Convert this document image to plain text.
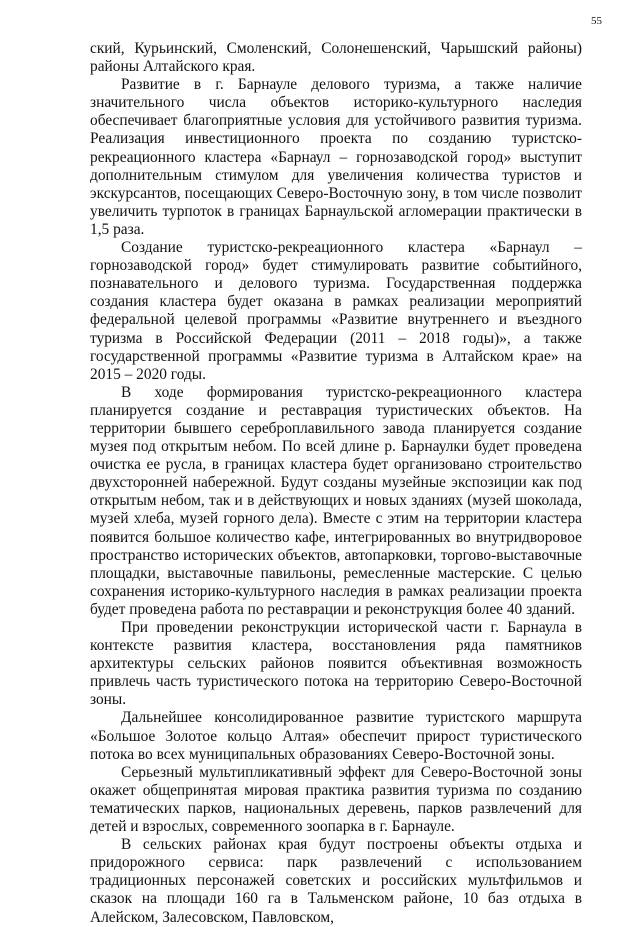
55

ский, Курьинский, Смоленский, Солонешенский, Чарышский районы) районы Алтайского края.

Развитие в г. Барнауле делового туризма, а также наличие значительного числа объектов историко-культурного наследия обеспечивает благоприятные условия для устойчивого развития туризма. Реализация инвестиционного проекта по созданию туристско-рекреационного кластера «Барнаул – горнозаводской город» выступит дополнительным стимулом для увеличения количества туристов и экскурсантов, посещающих Северо-Восточную зону, в том числе позволит увеличить турпоток в границах Барнаульской агломерации практически в 1,5 раза.

Создание туристско-рекреационного кластера «Барнаул – горнозаводской город» будет стимулировать развитие событийного, познавательного и делового туризма. Государственная поддержка создания кластера будет оказана в рамках реализации мероприятий федеральной целевой программы «Развитие внутреннего и въездного туризма в Российской Федерации (2011 – 2018 годы)», а также государственной программы «Развитие туризма в Алтайском крае» на 2015 – 2020 годы.

В ходе формирования туристско-рекреационного кластера планируется создание и реставрация туристических объектов. На территории бывшего сереброплавильного завода планируется создание музея под открытым небом. По всей длине р. Барнаулки будет проведена очистка ее русла, в границах кластера будет организовано строительство двухсторонней набережной. Будут созданы музейные экспозиции как под открытым небом, так и в действующих и новых зданиях (музей шоколада, музей хлеба, музей горного дела). Вместе с этим на территории кластера появится большое количество кафе, интегрированных во внутридворовое пространство исторических объектов, автопарковки, торгово-выставочные площадки, выставочные павильоны, ремесленные мастерские. С целью сохранения историко-культурного наследия в рамках реализации проекта будет проведена работа по реставрации и реконструкция более 40 зданий.

При проведении реконструкции исторической части г. Барнаула в контексте развития кластера, восстановления ряда памятников архитектуры сельских районов появится объективная возможность привлечь часть туристического потока на территорию Северо-Восточной зоны.

Дальнейшее консолидированное развитие туристского маршрута «Большое Золотое кольцо Алтая» обеспечит прирост туристического потока во всех муниципальных образованиях Северо-Восточной зоны.

Серьезный мультипликативный эффект для Северо-Восточной зоны окажет общепринятая мировая практика развития туризма по созданию тематических парков, национальных деревень, парков развлечений для детей и взрослых, современного зоопарка в г. Барнауле.

В сельских районах края будут построены объекты отдыха и придорожного сервиса: парк развлечений с использованием традиционных персонажей советских и российских мультфильмов и сказок на площади 160 га в Тальменском районе, 10 баз отдыха в Алейском, Залесовском, Павловском,
